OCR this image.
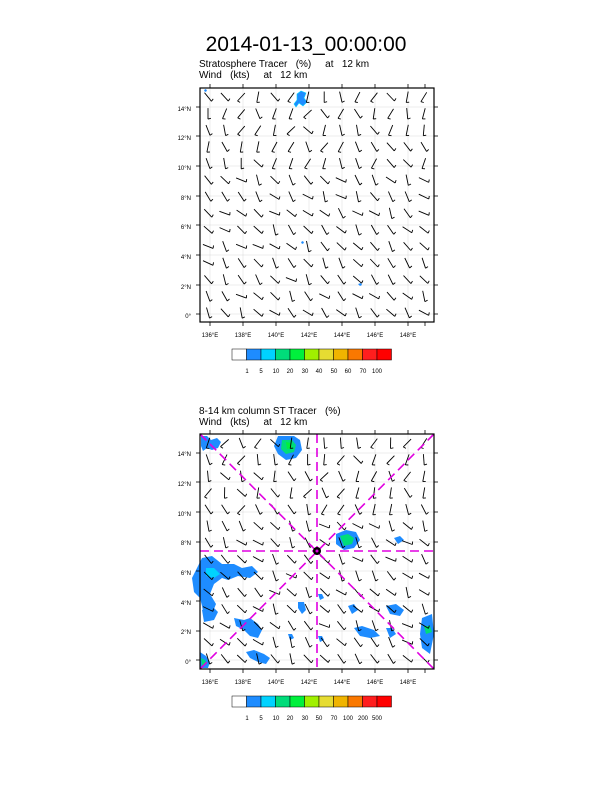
2014-01-13_00:00:00
Stratosphere Tracer   (%)     at   12 km
Wind   (kts)     at   12 km
136°E	138°E	140°E	142°E	144°E	146°E	148°E
0°
2°N
4°N
6°N
8°N
10°N
12°N
14°N
1 5 10 20 30 40 50 60 70 100
8-14 km column ST Tracer   (%)
Wind   (kts)     at   12 km
136°E	138°E	140°E	142°E	144°E	146°E	148°E
0°
2°N
4°N
6°N
8°N
10°N
12°N
14°N
1 5 10 20 30 50 70 100 200 500
